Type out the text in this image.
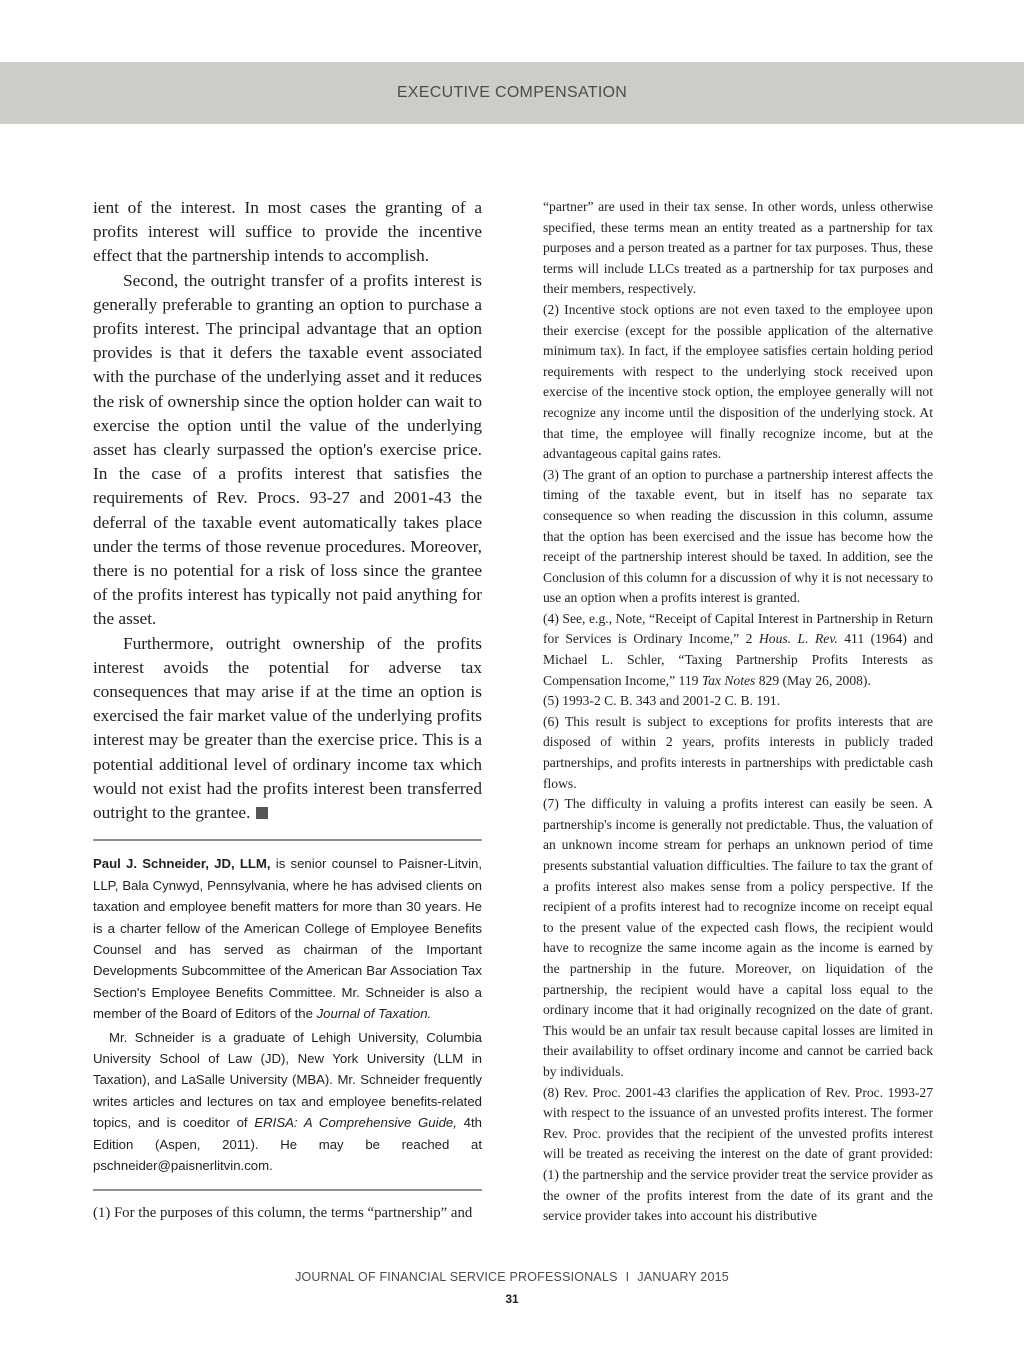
EXECUTIVE COMPENSATION

ient of the interest. In most cases the granting of a profits interest will suffice to provide the incentive effect that the partnership intends to accomplish.

Second, the outright transfer of a profits interest is generally preferable to granting an option to purchase a profits interest. The principal advantage that an option provides is that it defers the taxable event associated with the purchase of the underlying asset and it reduces the risk of ownership since the option holder can wait to exercise the option until the value of the underlying asset has clearly surpassed the option's exercise price. In the case of a profits interest that satisfies the requirements of Rev. Procs. 93-27 and 2001-43 the deferral of the taxable event automatically takes place under the terms of those revenue procedures. Moreover, there is no potential for a risk of loss since the grantee of the profits interest has typically not paid anything for the asset.

Furthermore, outright ownership of the profits interest avoids the potential for adverse tax consequences that may arise if at the time an option is exercised the fair market value of the underlying profits interest may be greater than the exercise price. This is a potential additional level of ordinary income tax which would not exist had the profits interest been transferred outright to the grantee.

Paul J. Schneider, JD, LLM, is senior counsel to Paisner-Litvin, LLP, Bala Cynwyd, Pennsylvania, where he has advised clients on taxation and employee benefit matters for more than 30 years. He is a charter fellow of the American College of Employee Benefits Counsel and has served as chairman of the Important Developments Subcommittee of the American Bar Association Tax Section's Employee Benefits Committee. Mr. Schneider is also a member of the Board of Editors of the Journal of Taxation.

Mr. Schneider is a graduate of Lehigh University, Columbia University School of Law (JD), New York University (LLM in Taxation), and LaSalle University (MBA). Mr. Schneider frequently writes articles and lectures on tax and employee benefits-related topics, and is coeditor of ERISA: A Comprehensive Guide, 4th Edition (Aspen, 2011). He may be reached at pschneider@paisnerlitvin.com.

(1) For the purposes of this column, the terms “partnership” and

“partner” are used in their tax sense. In other words, unless otherwise specified, these terms mean an entity treated as a partnership for tax purposes and a person treated as a partner for tax purposes. Thus, these terms will include LLCs treated as a partnership for tax purposes and their members, respectively.

(2) Incentive stock options are not even taxed to the employee upon their exercise (except for the possible application of the alternative minimum tax). In fact, if the employee satisfies certain holding period requirements with respect to the underlying stock received upon exercise of the incentive stock option, the employee generally will not recognize any income until the disposition of the underlying stock. At that time, the employee will finally recognize income, but at the advantageous capital gains rates.

(3) The grant of an option to purchase a partnership interest affects the timing of the taxable event, but in itself has no separate tax consequence so when reading the discussion in this column, assume that the option has been exercised and the issue has become how the receipt of the partnership interest should be taxed. In addition, see the Conclusion of this column for a discussion of why it is not necessary to use an option when a profits interest is granted.

(4) See, e.g., Note, “Receipt of Capital Interest in Partnership in Return for Services is Ordinary Income,” 2 Hous. L. Rev. 411 (1964) and Michael L. Schler, “Taxing Partnership Profits Interests as Compensation Income,” 119 Tax Notes 829 (May 26, 2008).

(5) 1993-2 C. B. 343 and 2001-2 C. B. 191.

(6) This result is subject to exceptions for profits interests that are disposed of within 2 years, profits interests in publicly traded partnerships, and profits interests in partnerships with predictable cash flows.

(7) The difficulty in valuing a profits interest can easily be seen. A partnership's income is generally not predictable. Thus, the valuation of an unknown income stream for perhaps an unknown period of time presents substantial valuation difficulties. The failure to tax the grant of a profits interest also makes sense from a policy perspective. If the recipient of a profits interest had to recognize income on receipt equal to the present value of the expected cash flows, the recipient would have to recognize the same income again as the income is earned by the partnership in the future. Moreover, on liquidation of the partnership, the recipient would have a capital loss equal to the ordinary income that it had originally recognized on the date of grant. This would be an unfair tax result because capital losses are limited in their availability to offset ordinary income and cannot be carried back by individuals.

(8) Rev. Proc. 2001-43 clarifies the application of Rev. Proc. 1993-27 with respect to the issuance of an unvested profits interest. The former Rev. Proc. provides that the recipient of the unvested profits interest will be treated as receiving the interest on the date of grant provided: (1) the partnership and the service provider treat the service provider as the owner of the profits interest from the date of its grant and the service provider takes into account his distributive

JOURNAL OF FINANCIAL SERVICE PROFESSIONALS I JANUARY 2015

31
